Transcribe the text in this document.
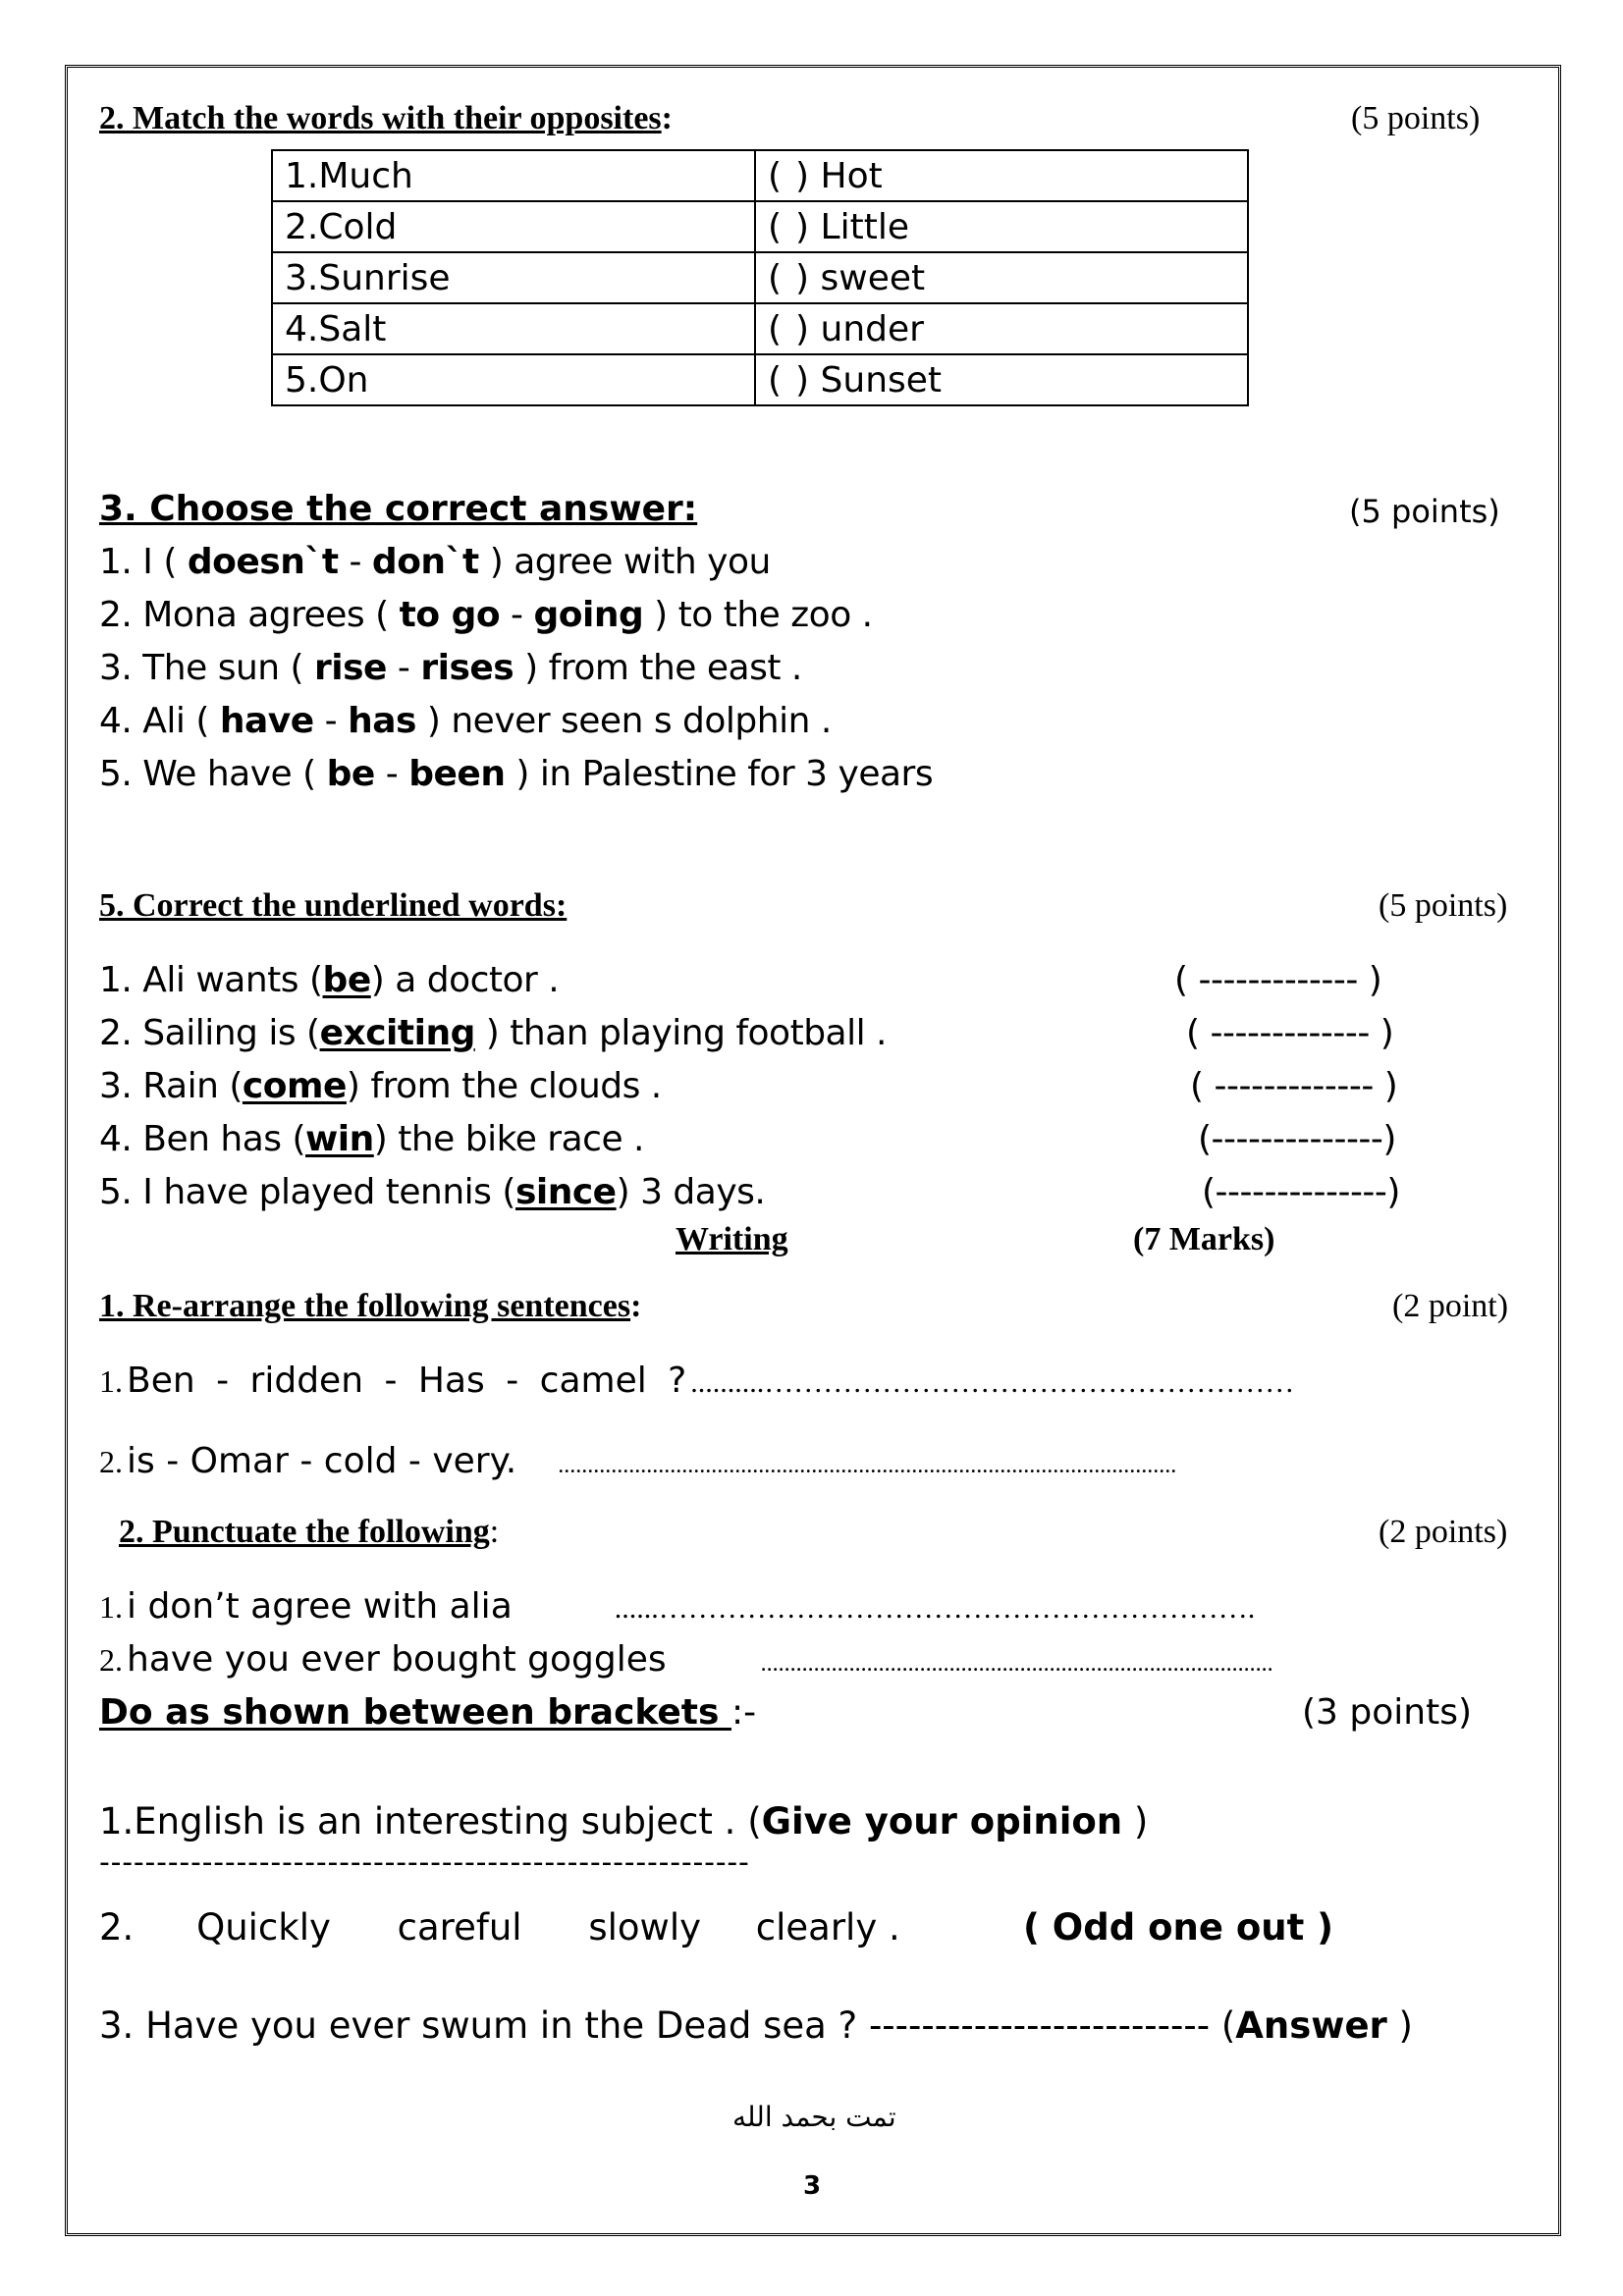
2. Match the words with their opposites:	(5 points)
1.Much	( ) Hot
2.Cold	( ) Little
3.Sunrise	( ) sweet
4.Salt	( ) under
5.On	( ) Sunset
3. Choose the correct answer:	(5 points)
1. I ( doesn`t - don`t ) agree with you
2. Mona agrees ( to go - going ) to the zoo .
3. The sun ( rise - rises ) from the east .
4. Ali ( have - has ) never seen s dolphin .
5. We have ( be - been ) in Palestine for 3 years
5. Correct the underlined words:	(5 points)
1. Ali wants (be) a doctor .	( ------------- )
2. Sailing is (exciting ) than playing football .	( ------------- )
3. Rain (come) from the clouds .	( ------------- )
4. Ben has (win) the bike race .	(--------------)
5. I have played tennis (since) 3 days.	(--------------)
Writing	(7 Marks)
1. Re-arrange the following sentences:	(2 point)
1. Ben - ridden - Has - camel ? ..........………………………………………………
2. is - Omar - cold - very. .........................................................................................................
2. Punctuate the following:	(2 points)
1. i don’t agree with alia	......…………………………………………………….
2. have you ever bought goggles	.......................................................................................
Do as shown between brackets :-	(3 points)
1.English is an interesting subject . (Give your opinion )
---------------------------------------------------------
2. Quickly careful slowly clearly .	( Odd one out )
3. Have you ever swum in the Dead sea ? -------------------------- (Answer )
تمت بحمد الله
3
